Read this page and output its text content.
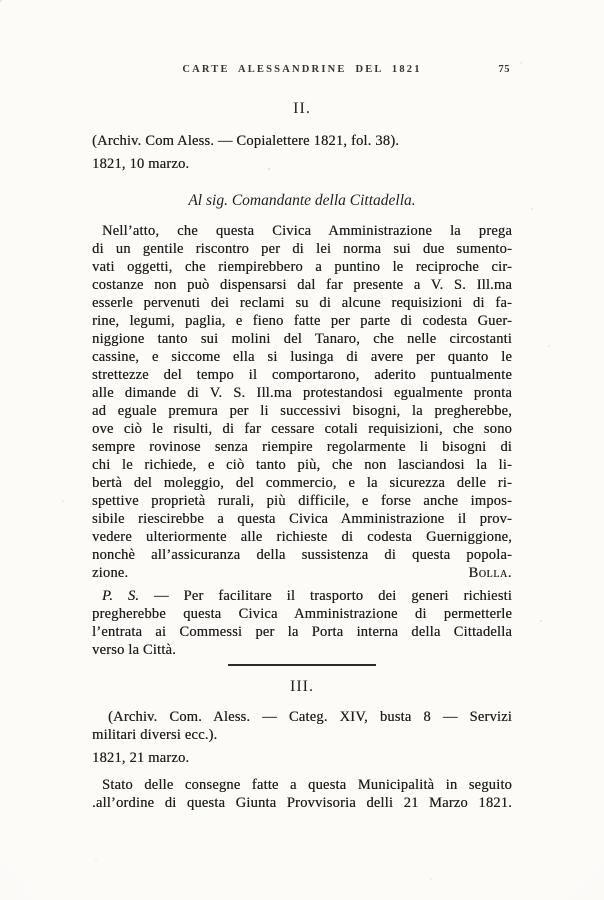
CARTE ALESSANDRINE DEL 1821	75
II.
(Archiv. Com Aless. — Copialettere 1821, fol. 38).
1821, 10 marzo.
Al sig. Comandante della Cittadella.
Nell’atto, che questa Civica Amministrazione la prega
di un gentile riscontro per di lei norma sui due sumento-
vati oggetti, che riempirebbero a puntino le reciproche cir-
costanze non può dispensarsi dal far presente a V. S. Ill.ma
esserle pervenuti dei reclami su di alcune requisizioni di fa-
rine, legumi, paglia, e fieno fatte per parte di codesta Guer-
niggione tanto sui molini del Tanaro, che nelle circostanti
cassine, e siccome ella si lusinga di avere per quanto le
strettezze del tempo il comportarono, aderito puntualmente
alle dimande di V. S. Ill.ma protestandosi egualmente pronta
ad eguale premura per li successivi bisogni, la pregherebbe,
ove ciò le risulti, di far cessare cotali requisizioni, che sono
sempre rovinose senza riempire regolarmente li bisogni di
chi le richiede, e ciò tanto più, che non lasciandosi la li-
bertà del moleggio, del commercio, e la sicurezza delle ri-
spettive proprietà rurali, più difficile, e forse anche impos-
sibile riescirebbe a questa Civica Amministrazione il prov-
vedere ulteriormente alle richieste di codesta Guerniggione,
nonchè all’assicuranza della sussistenza di questa popola-
zione.	Bolla.
P. S. — Per facilitare il trasporto dei generi richiesti
pregherebbe questa Civica Amministrazione di permetterle
l’entrata ai Commessi per la Porta interna della Cittadella
verso la Città.
III.
(Archiv. Com. Aless. — Categ. XIV, busta 8 — Servizi
militari diversi ecc.).
1821, 21 marzo.
Stato delle consegne fatte a questa Municipalità in seguito
.all’ordine di questa Giunta Provvisoria delli 21 Marzo 1821.
